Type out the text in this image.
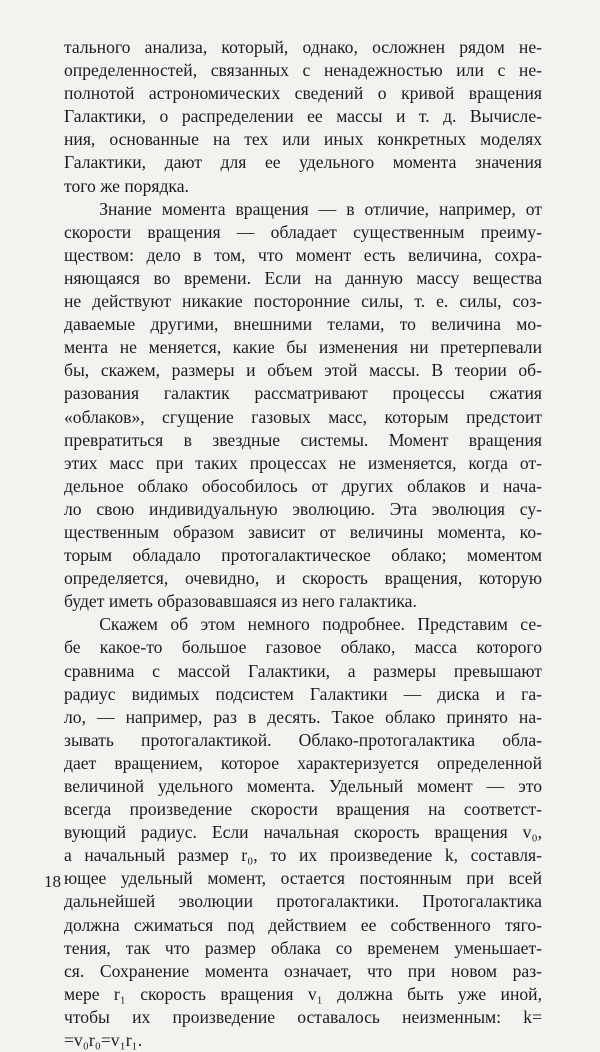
тального анализа, который, однако, осложнен рядом не-
определенностей, связанных с ненадежностью или с не-
полнотой астрономических сведений о кривой вращения
Галактики, о распределении ее массы и т. д. Вычисле-
ния, основанные на тех или иных конкретных моделях
Галактики, дают для ее удельного момента значения
того же порядка.
Знание момента вращения — в отличие, например, от
скорости вращения — обладает существенным преиму-
ществом: дело в том, что момент есть величина, сохра-
няющаяся во времени. Если на данную массу вещества
не действуют никакие посторонние силы, т. е. силы, соз-
даваемые другими, внешними телами, то величина мо-
мента не меняется, какие бы изменения ни претерпевали
бы, скажем, размеры и объем этой массы. В теории об-
разования галактик рассматривают процессы сжатия
«облаков», сгущение газовых масс, которым предстоит
превратиться в звездные системы. Момент вращения
этих масс при таких процессах не изменяется, когда от-
дельное облако обособилось от других облаков и нача-
ло свою индивидуальную эволюцию. Эта эволюция су-
щественным образом зависит от величины момента, ко-
торым обладало протогалактическое облако; моментом
определяется, очевидно, и скорость вращения, которую
будет иметь образовавшаяся из него галактика.
Скажем об этом немного подробнее. Представим се-
бе какое-то большое газовое облако, масса которого
сравнима с массой Галактики, а размеры превышают
радиус видимых подсистем Галактики — диска и га-
ло, — например, раз в десять. Такое облако принято на-
зывать протогалактикой. Облако-протогалактика обла-
дает вращением, которое характеризуется определенной
величиной удельного момента. Удельный момент — это
всегда произведение скорости вращения на соответст-
вующий радиус. Если начальная скорость вращения v₀,
а начальный размер r₀, то их произведение k, составля-
ющее удельный момент, остается постоянным при всей
дальнейшей эволюции протогалактики. Протогалактика
должна сжиматься под действием ее собственного тяго-
тения, так что размер облака со временем уменьшает-
ся. Сохранение момента означает, что при новом раз-
мере r₁ скорость вращения v₁ должна быть уже иной,
чтобы их произведение оставалось неизменным: k=
=v₀r₀=v₁r₁.
18
